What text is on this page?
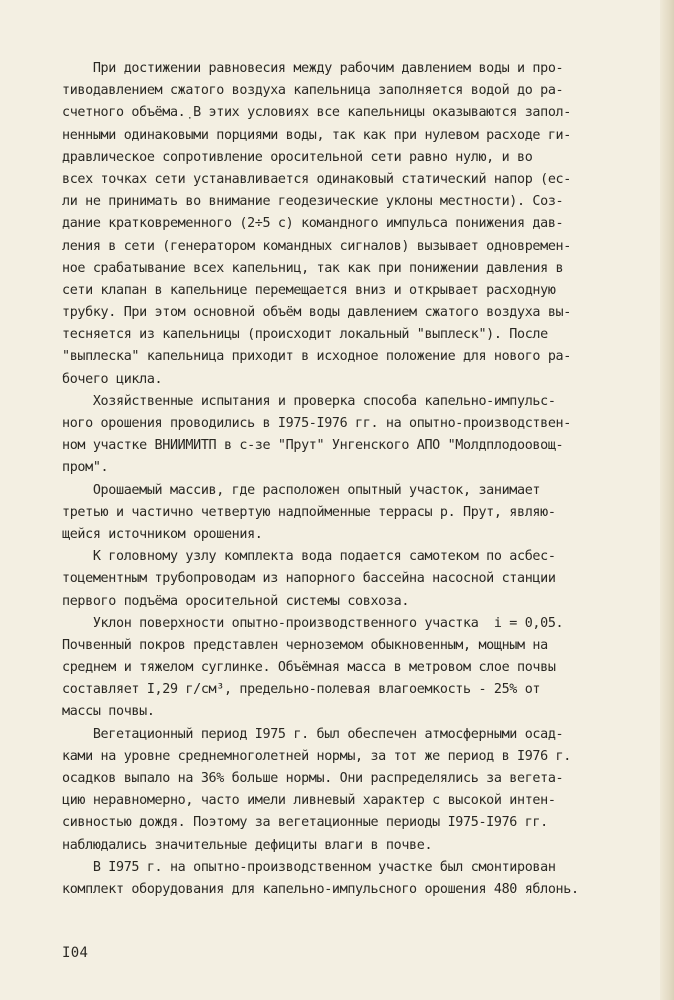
При достижении равновесия между рабочим давлением воды и про-
тиводавлением сжатого воздуха капельница заполняется водой до ра-
счетного объёма.̣ В этих условиях все капельницы оказываются запол-
ненными одинаковыми порциями воды, так как при нулевом расходе ги-
дравлическое сопротивление оросительной сети равно нулю, и во
всех точках сети устанавливается одинаковый статический напор (ес-
ли не принимать во внимание геодезические уклоны местности). Соз-
дание кратковременного (2÷5 с) командного импульса понижения дав-
ления в сети (генератором командных сигналов) вызывает одновремен-
ное срабатывание всех капельниц, так как при понижении давления в
сети клапан в капельнице перемещается вниз и открывает расходную
трубку. При этом основной объём воды давлением сжатого воздуха вы-
тесняется из капельницы (происходит локальный "выплеск"). После
"выплеска" капельница приходит в исходное положение для нового ра-
бочего цикла.
Хозяйственные испытания и проверка способа капельно-импульс-
ного орошения проводились в I975-I976 гг. на опытно-производствен-
ном участке ВНИИМИТП в с-зе "Прут" Унгенского АПО "Молдплодоовощ-
пром".
Орошаемый массив, где расположен опытный участок, занимает
третью и частично четвертую надпойменные террасы р. Прут, являю-
щейся источником орошения.
К головному узлу комплекта вода подается самотеком по асбес-
тоцементным трубопроводам из напорного бассейна насосной станции
первого подъёма оросительной системы совхоза.
Уклон поверхности опытно-производственного участка  i = 0,05.
Почвенный покров представлен черноземом обыкновенным, мощным на
среднем и тяжелом суглинке. Объёмная масса в метровом слое почвы
составляет I,29 г/см³, предельно-полевая влагоемкость - 25% от
массы почвы.
Вегетационный период I975 г. был обеспечен атмосферными осад-
ками на уровне среднемноголетней нормы, за тот же период в I976 г.
осадков выпало на 36% больше нормы. Они распределялись за вегета-
цию неравномерно, часто имели ливневый характер с высокой интен-
сивностью дождя. Поэтому за вегетационные периоды I975-I976 гг.
наблюдались значительные дефициты влаги в почве.
В I975 г. на опытно-производственном участке был смонтирован
комплект оборудования для капельно-импульсного орошения 480 яблонь.
I04
